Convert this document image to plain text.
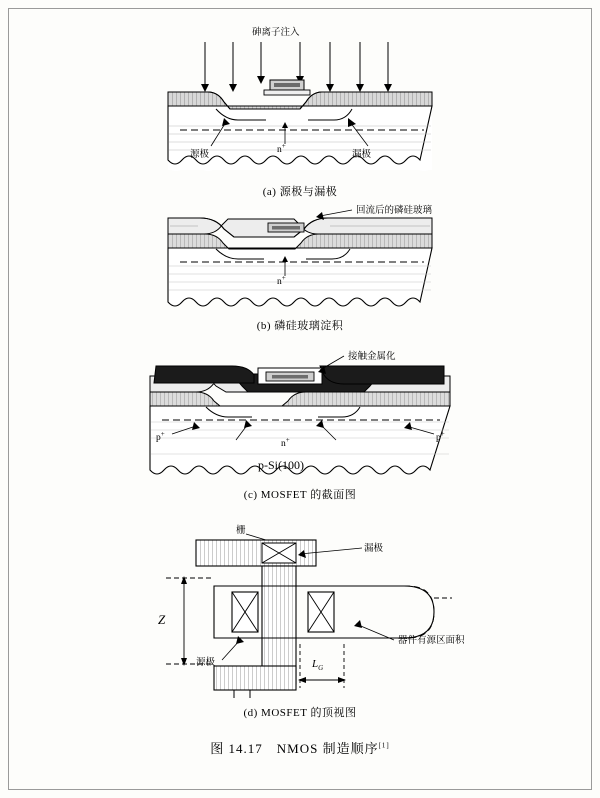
砷离子注入
源极	漏极
n+
(a) 源极与漏极
回流后的磷硅玻璃
n+
(b) 磷硅玻璃淀积
接触金属化
p+	p+
n+
p-Si(100)
(c) MOSFET 的截面图
栅
漏极
源极
器件有源区面积
Z
$L_G$
(d) MOSFET 的顶视图
图 14.17　NMOS 制造顺序[1]
